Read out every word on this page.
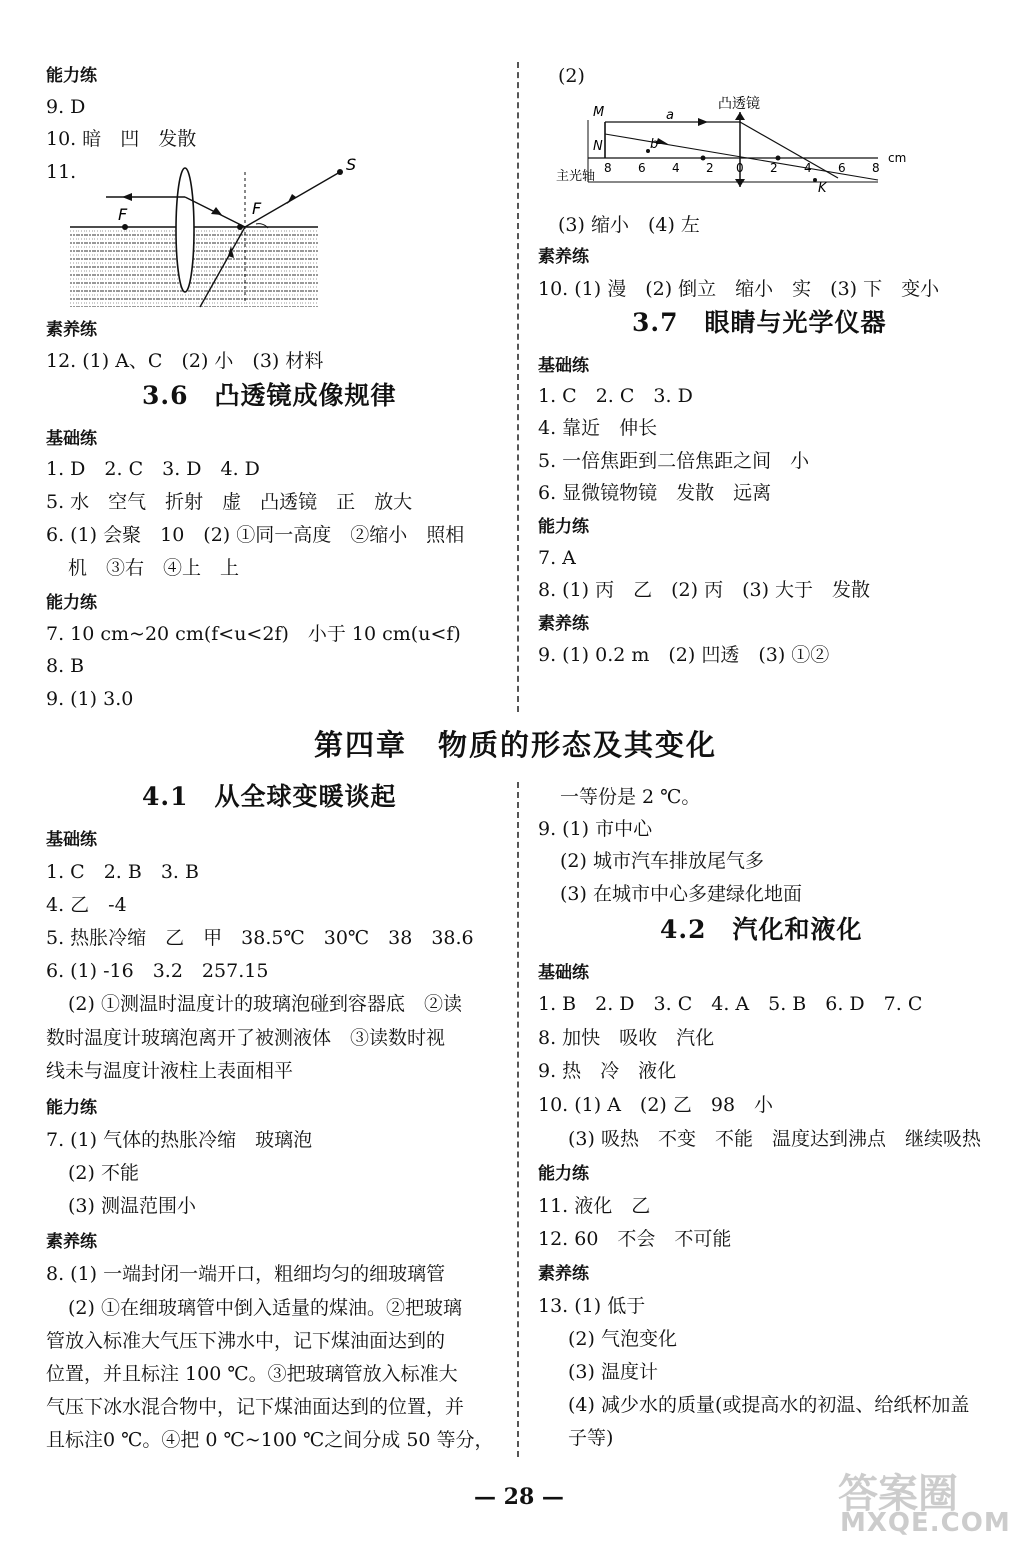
能力练
9. D
10. 暗　凹　发散
11.	S
F	F
素养练
12. (1) A、C　(2) 小　(3) 材料
3.6　凸透镜成像规律
基础练
1. D　2. C　3. D　4. D
5. 水　空气　折射　虚　凸透镜　正　放大
6. (1) 会聚　10　(2) ①同一高度　②缩小　照相
机　③右　④上　上
能力练
7. 10 cm~20 cm(f<u<2f)　小于 10 cm(u<f)
8. B
9. (1) 3.0
(2)
凸透镜
M
N
a
b
K
主光轴
cm
8 6 4 2 0 2 4 6 8
(3) 缩小　(4) 左
素养练
10. (1) 漫　(2) 倒立　缩小　实　(3) 下　变小
3.7　眼睛与光学仪器
基础练
1. C　2. C　3. D
4. 靠近　伸长
5. 一倍焦距到二倍焦距之间　小
6. 显微镜物镜　发散　远离
能力练
7. A
8. (1) 丙　乙　(2) 丙　(3) 大于　发散
素养练
9. (1) 0.2 m　(2) 凹透　(3) ①②
第四章　物质的形态及其变化
4.1　从全球变暖谈起
基础练
1. C　2. B　3. B
4. 乙　-4
5. 热胀冷缩　乙　甲　38.5℃　30℃　38　38.6
6. (1) -16　3.2　257.15
(2) ①测温时温度计的玻璃泡碰到容器底　②读
数时温度计玻璃泡离开了被测液体　③读数时视
线未与温度计液柱上表面相平
能力练
7. (1) 气体的热胀冷缩　玻璃泡
(2) 不能
(3) 测温范围小
素养练
8. (1) 一端封闭一端开口，粗细均匀的细玻璃管
(2) ①在细玻璃管中倒入适量的煤油。②把玻璃
管放入标准大气压下沸水中，记下煤油面达到的
位置，并且标注 100 ℃。③把玻璃管放入标准大
气压下冰水混合物中，记下煤油面达到的位置，并
且标注0 ℃。④把 0 ℃~100 ℃之间分成 50 等分，
一等份是 2 ℃。
9. (1) 市中心
(2) 城市汽车排放尾气多
(3) 在城市中心多建绿化地面
4.2　汽化和液化
基础练
1. B　2. D　3. C　4. A　5. B　6. D　7. C
8. 加快　吸收　汽化
9. 热　冷　液化
10. (1) A　(2) 乙　98　小
(3) 吸热　不变　不能　温度达到沸点　继续吸热
能力练
11. 液化　乙
12. 60　不会　不可能
素养练
13. (1) 低于
(2) 气泡变化
(3) 温度计
(4) 减少水的质量(或提高水的初温、给纸杯加盖
子等)
— 28 —	答案圈
MXQE.COM
